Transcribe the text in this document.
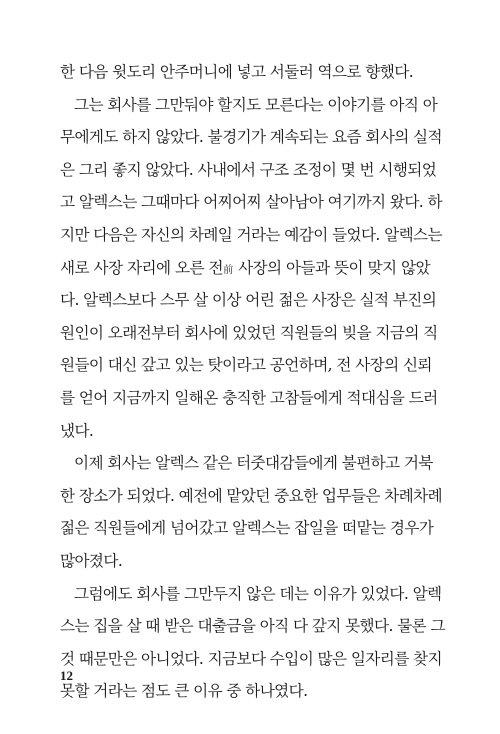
한 다음 윗도리 안주머니에 넣고 서둘러 역으로 향했다.
그는 회사를 그만둬야 할지도 모른다는 이야기를 아직 아
무에게도 하지 않았다. 불경기가 계속되는 요즘 회사의 실적
은 그리 좋지 않았다. 사내에서 구조 조정이 몇 번 시행되었
고 알렉스는 그때마다 어찌어찌 살아남아 여기까지 왔다. 하
지만 다음은 자신의 차례일 거라는 예감이 들었다. 알렉스는
새로 사장 자리에 오른 전前 사장의 아들과 뜻이 맞지 않았
다. 알렉스보다 스무 살 이상 어린 젊은 사장은 실적 부진의
원인이 오래전부터 회사에 있었던 직원들의 빚을 지금의 직
원들이 대신 갚고 있는 탓이라고 공언하며, 전 사장의 신뢰
를 얻어 지금까지 일해온 충직한 고참들에게 적대심을 드러
냈다.
이제 회사는 알렉스 같은 터줏대감들에게 불편하고 거북
한 장소가 되었다. 예전에 맡았던 중요한 업무들은 차례차례
젊은 직원들에게 넘어갔고 알렉스는 잡일을 떠맡는 경우가
많아졌다.
그럼에도 회사를 그만두지 않은 데는 이유가 있었다. 알렉
스는 집을 살 때 받은 대출금을 아직 다 갚지 못했다. 물론 그
것 때문만은 아니었다. 지금보다 수입이 많은 일자리를 찾지
못할 거라는 점도 큰 이유 중 하나였다.
12
